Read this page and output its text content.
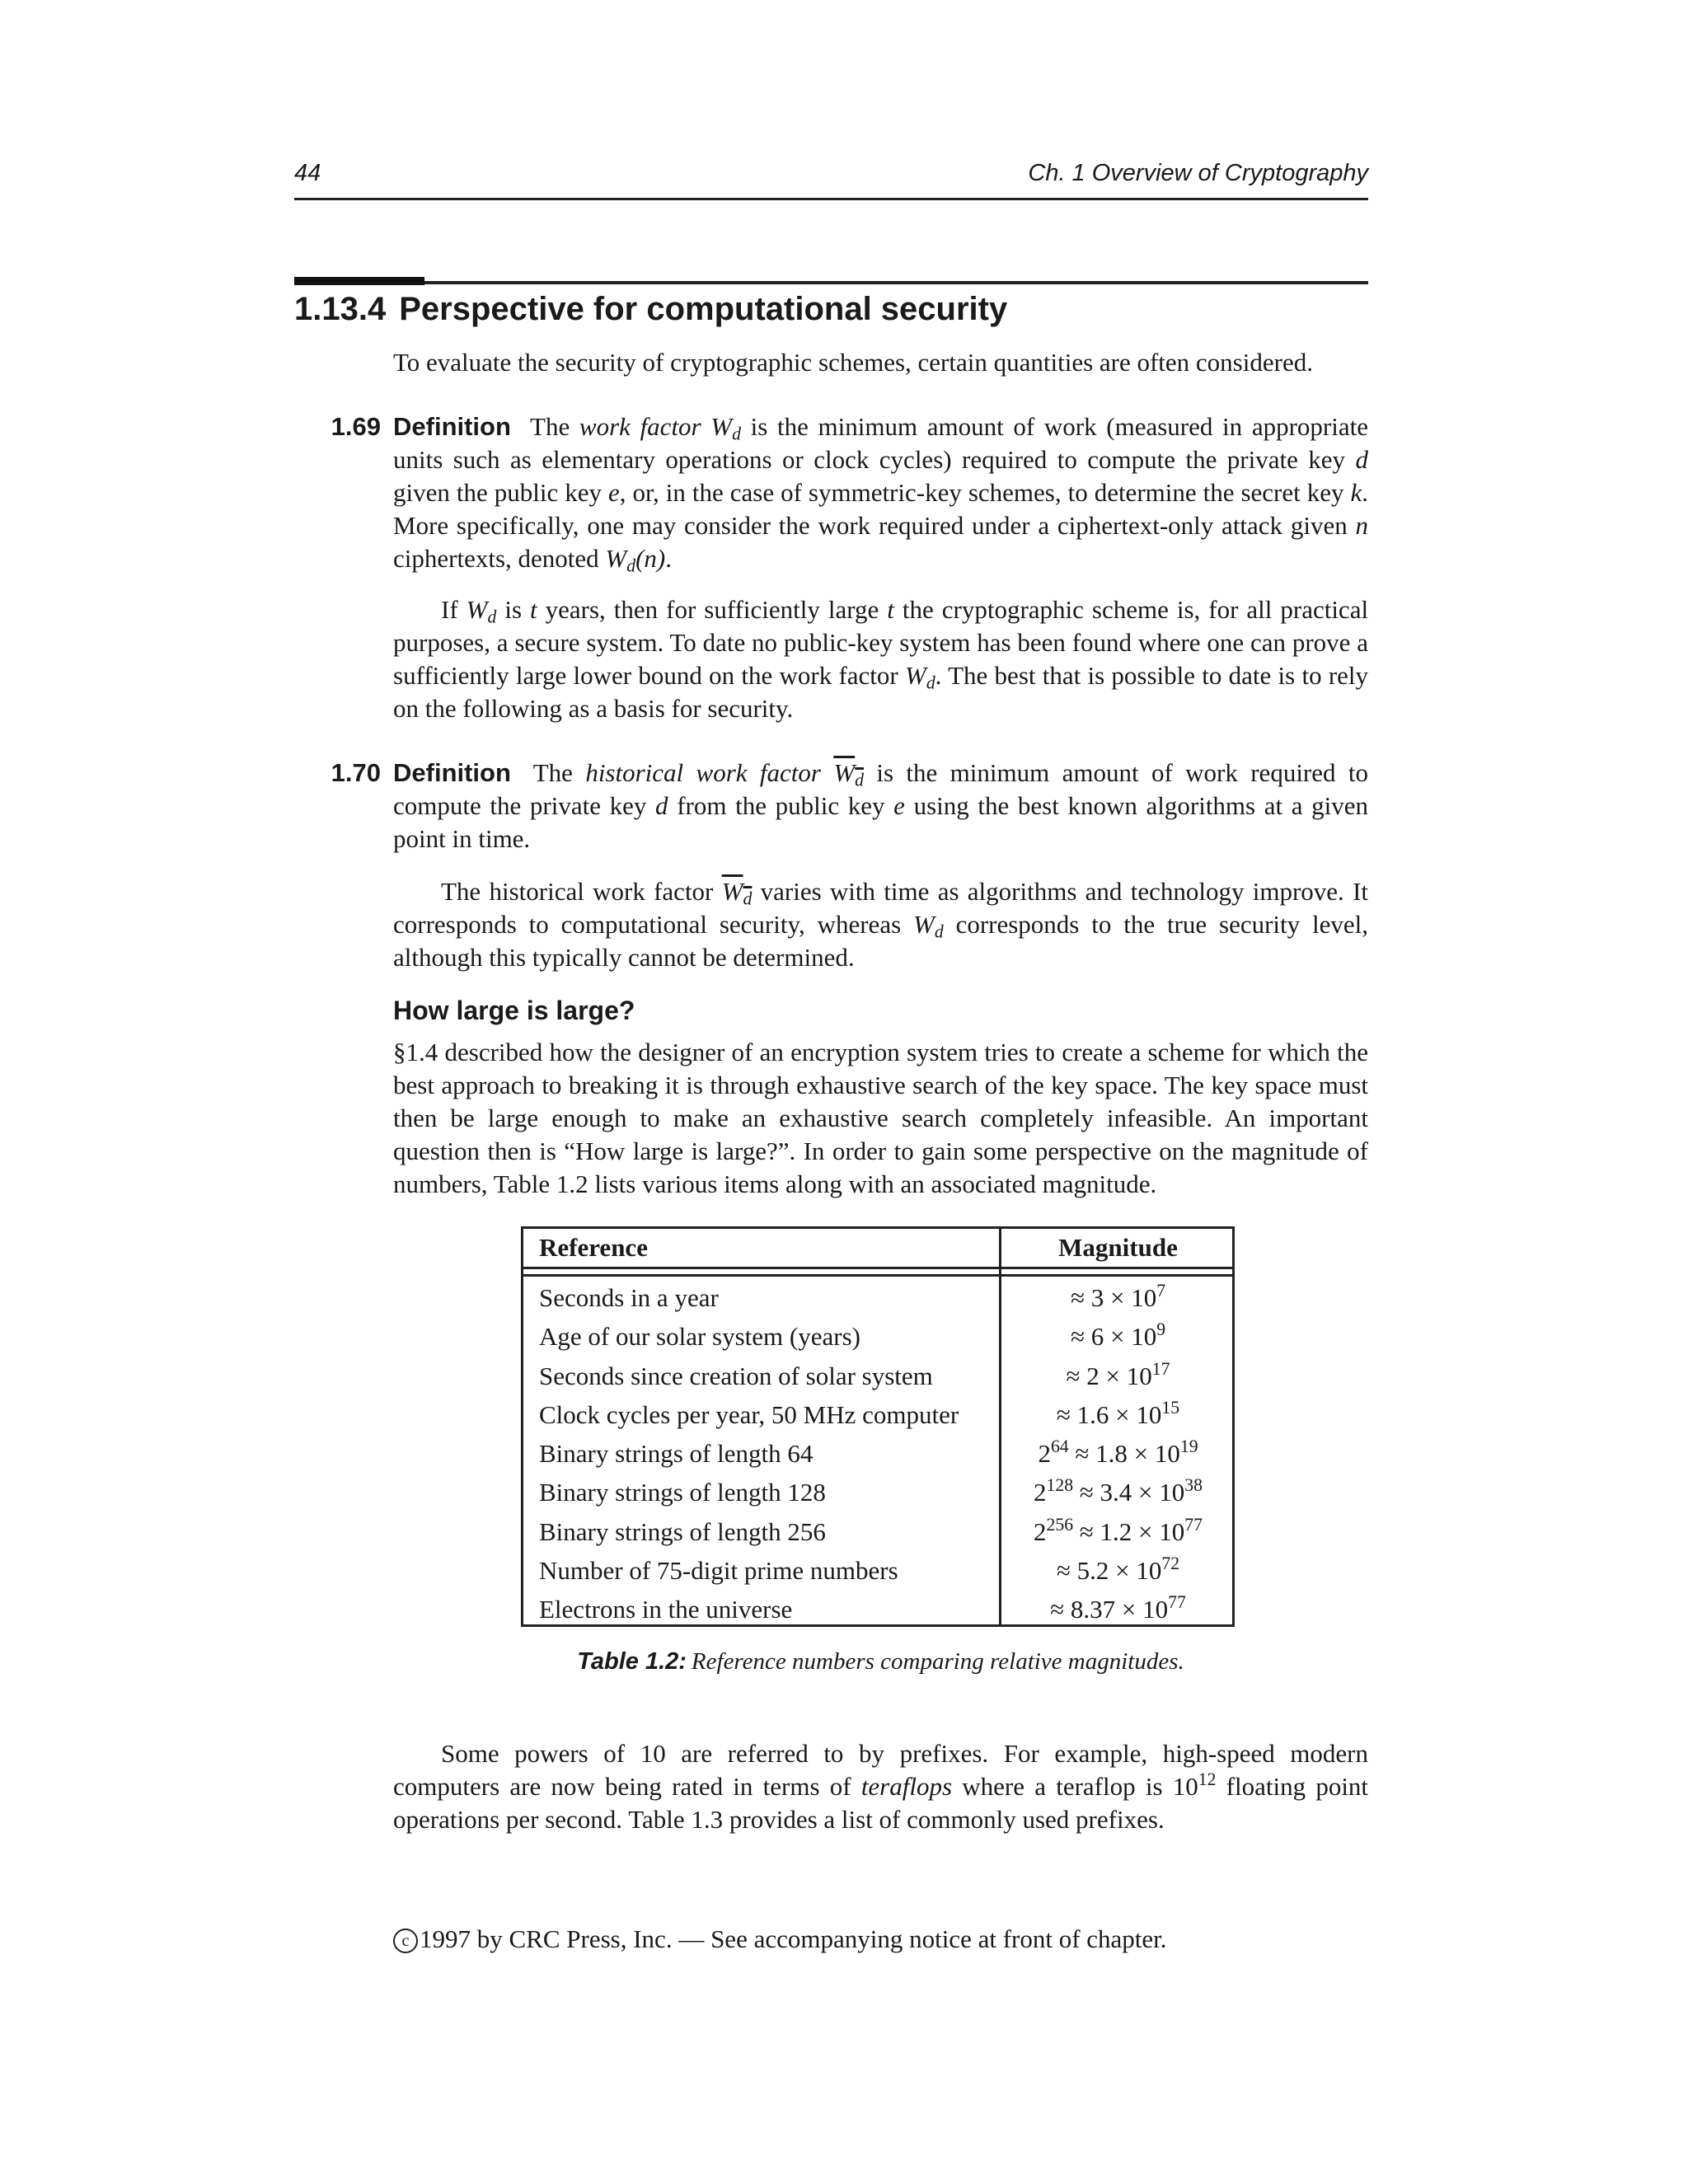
44	Ch. 1 Overview of Cryptography
1.13.4 Perspective for computational security
To evaluate the security of cryptographic schemes, certain quantities are often considered.
1.69 Definition The work factor $W_d$ is the minimum amount of work (measured in appropriate units such as elementary operations or clock cycles) required to compute the private key d given the public key e, or, in the case of symmetric-key schemes, to determine the secret key k. More specifically, one may consider the work required under a ciphertext-only attack given n ciphertexts, denoted $W_d(n)$.
If $W_d$ is t years, then for sufficiently large t the cryptographic scheme is, for all practical purposes, a secure system. To date no public-key system has been found where one can prove a sufficiently large lower bound on the work factor $W_d$. The best that is possible to date is to rely on the following as a basis for security.
1.70 Definition The historical work factor $W_d$ is the minimum amount of work required to compute the private key d from the public key e using the best known algorithms at a given point in time.
The historical work factor $W_d$ varies with time as algorithms and technology improve. It corresponds to computational security, whereas $W_d$ corresponds to the true security level, although this typically cannot be determined.
How large is large?
§1.4 described how the designer of an encryption system tries to create a scheme for which the best approach to breaking it is through exhaustive search of the key space. The key space must then be large enough to make an exhaustive search completely infeasible. An important question then is “How large is large?”. In order to gain some perspective on the magnitude of numbers, Table 1.2 lists various items along with an associated magnitude.
Reference	Magnitude
Seconds in a year	≈ $3 \times 10^7$
Age of our solar system (years)	≈ $6 \times 10^9$
Seconds since creation of solar system	≈ $2 \times 10^{17}$
Clock cycles per year, 50 MHz computer	≈ $1.6 \times 10^{15}$
Binary strings of length 64	$2^{64} \approx 1.8 \times 10^{19}$
Binary strings of length 128	$2^{128} \approx 3.4 \times 10^{38}$
Binary strings of length 256	$2^{256} \approx 1.2 \times 10^{77}$
Number of 75-digit prime numbers	≈ $5.2 \times 10^{72}$
Electrons in the universe	≈ $8.37 \times 10^{77}$
Table 1.2: Reference numbers comparing relative magnitudes.
Some powers of 10 are referred to by prefixes. For example, high-speed modern computers are now being rated in terms of teraflops where a teraflop is $10^{12}$ floating point operations per second. Table 1.3 provides a list of commonly used prefixes.
c 1997 by CRC Press, Inc. — See accompanying notice at front of chapter.
